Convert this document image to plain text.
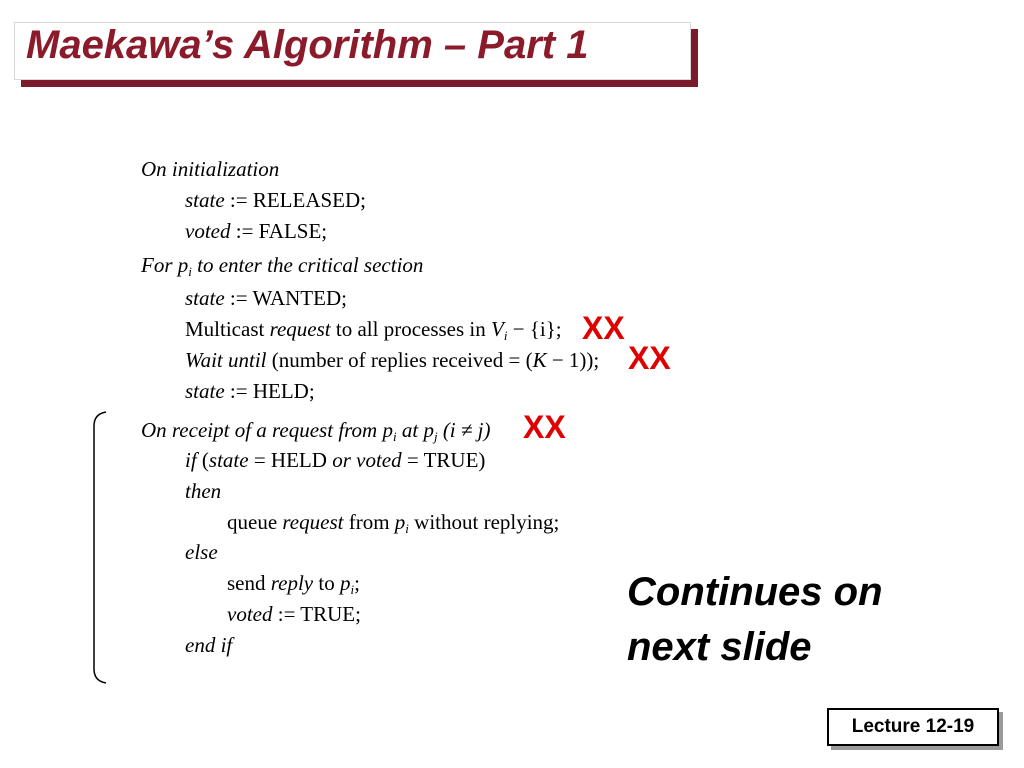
Maekawa’s Algorithm – Part 1
On initialization
state := RELEASED;
voted := FALSE;
For $p_i$ to enter the critical section
state := WANTED;
Multicast request to all processes in $V_i - \{i\}$;
Wait until (number of replies received = (K − 1));
state := HELD;
On receipt of a request from $p_i$ at $p_j$ (i ≠ j)
if (state = HELD or voted = TRUE)
then
queue request from $p_i$ without replying;
else
send reply to $p_i$;
voted := TRUE;
end if
XX
XX
XX
Continues on
next slide
Lecture 12-19
